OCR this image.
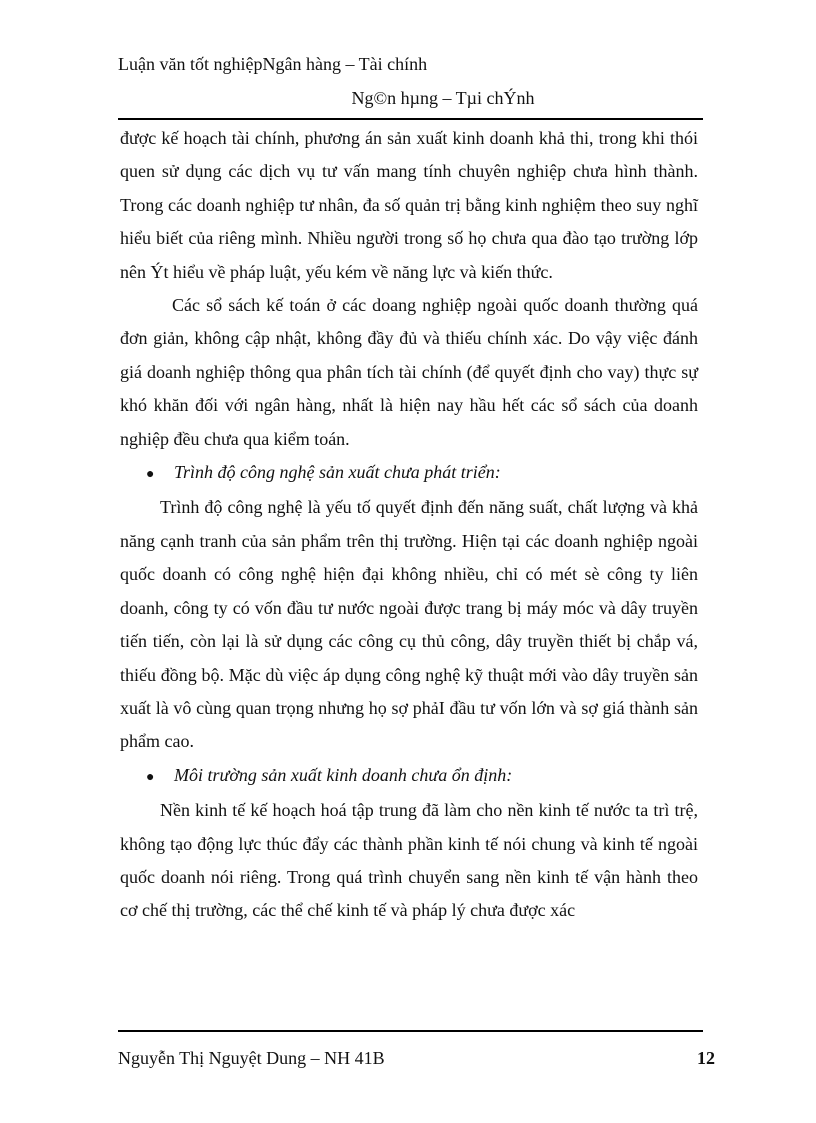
Luận văn tốt nghiệpNgân hàng – Tài chính
Ng©n hµng – Tµi chÝnh

được kế hoạch tài chính, phương án sản xuất kinh doanh khả thi, trong khi thói quen sử dụng các dịch vụ tư vấn mang tính chuyên nghiệp chưa hình thành. Trong các doanh nghiệp tư nhân, đa số quản trị bằng kinh nghiệm theo suy nghĩ hiểu biết của riêng mình. Nhiều người trong số họ chưa qua đào tạo trường lớp nên Ýt hiểu về pháp luật, yếu kém về năng lực và kiến thức.

Các sổ sách kế toán ở các doang nghiệp ngoài quốc doanh thường quá đơn giản, không cập nhật, không đầy đủ và thiếu chính xác. Do vậy việc đánh giá doanh nghiệp thông qua phân tích tài chính (để quyết định cho vay) thực sự khó khăn đối với ngân hàng, nhất là hiện nay hầu hết các sổ sách của doanh nghiệp đều chưa qua kiểm toán.

●	Trình độ công nghệ sản xuất chưa phát triển:

Trình độ công nghệ là yếu tố quyết định đến năng suất, chất lượng và khả năng cạnh tranh của sản phẩm trên thị trường. Hiện tại các doanh nghiệp ngoài quốc doanh có công nghệ hiện đại không nhiều, chỉ có mét sè công ty liên doanh, công ty có vốn đầu tư nước ngoài được trang bị máy móc và dây truyền tiến tiến, còn lại là sử dụng các công cụ thủ công, dây truyền thiết bị chắp vá, thiếu đồng bộ. Mặc dù việc áp dụng công nghệ kỹ thuật mới vào dây truyền sản xuất là vô cùng quan trọng nhưng họ sợ phảI đầu tư vốn lớn và sợ giá thành sản phẩm cao.

●	Môi trường sản xuất kinh doanh chưa ổn định:

Nền kinh tế kế hoạch hoá tập trung đã làm cho nền kinh tế nước ta trì trệ, không tạo động lực thúc đẩy các thành phần kinh tế nói chung và kinh tế ngoài quốc doanh nói riêng. Trong quá trình chuyển sang nền kinh tế vận hành theo cơ chế thị trường, các thể chế kinh tế và pháp lý chưa được xác

Nguyễn Thị Nguyệt Dung – NH 41B	12
